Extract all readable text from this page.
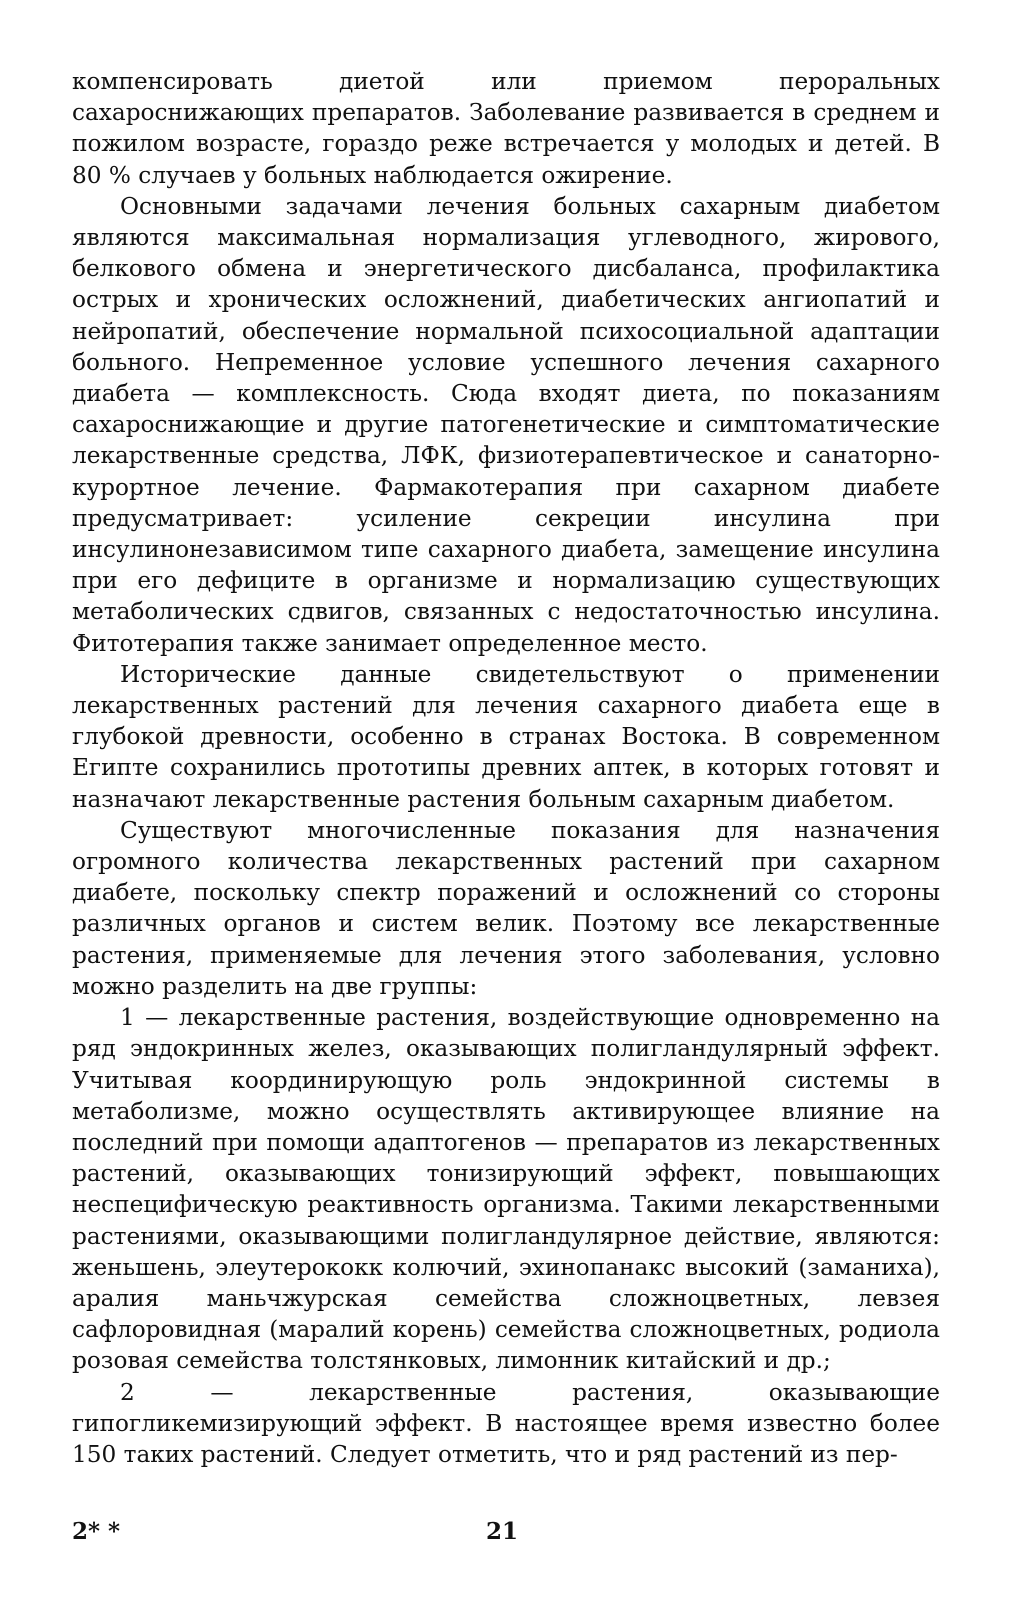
компенсировать диетой или приемом пероральных сахароснижающих препаратов. Заболевание развивается в среднем и пожилом возрасте, гораздо реже встречается у молодых и детей. В 80 % случаев у больных наблюдается ожирение.

Основными задачами лечения больных сахарным диабетом являются максимальная нормализация углеводного, жирового, белкового обмена и энергетического дисбаланса, профилактика острых и хронических осложнений, диабетических ангиопатий и нейропатий, обеспечение нормальной психосоциальной адаптации больного. Непременное условие успешного лечения сахарного диабета — комплексность. Сюда входят диета, по показаниям сахароснижающие и другие патогенетические и симптоматические лекарственные средства, ЛФК, физиотерапевтическое и санаторно-курортное лечение. Фармакотерапия при сахарном диабете предусматривает: усиление секреции инсулина при инсулинонезависимом типе сахарного диабета, замещение инсулина при его дефиците в организме и нормализацию существующих метаболических сдвигов, связанных с недостаточностью инсулина. Фитотерапия также занимает определенное место.

Исторические данные свидетельствуют о применении лекарственных растений для лечения сахарного диабета еще в глубокой древности, особенно в странах Востока. В современном Египте сохранились прототипы древних аптек, в которых готовят и назначают лекарственные растения больным сахарным диабетом.

Существуют многочисленные показания для назначения огромного количества лекарственных растений при сахарном диабете, поскольку спектр поражений и осложнений со стороны различных органов и систем велик. Поэтому все лекарственные растения, применяемые для лечения этого заболевания, условно можно разделить на две группы:

1 — лекарственные растения, воздействующие одновременно на ряд эндокринных желез, оказывающих полигландулярный эффект. Учитывая координирующую роль эндокринной системы в метаболизме, можно осуществлять активирующее влияние на последний при помощи адаптогенов — препаратов из лекарственных растений, оказывающих тонизирующий эффект, повышающих неспецифическую реактивность организма. Такими лекарственными растениями, оказывающими полигландулярное действие, являются: женьшень, элеутерококк колючий, эхинопанакс высокий (заманиха), аралия маньчжурская семейства сложноцветных, левзея сафлоровидная (маралий корень) семейства сложноцветных, родиола розовая семейства толстянковых, лимонник китайский и др.;

2 — лекарственные растения, оказывающие гипогликемизирующий эффект. В настоящее время известно более 150 таких растений. Следует отметить, что и ряд растений из пер-

2* *	21
